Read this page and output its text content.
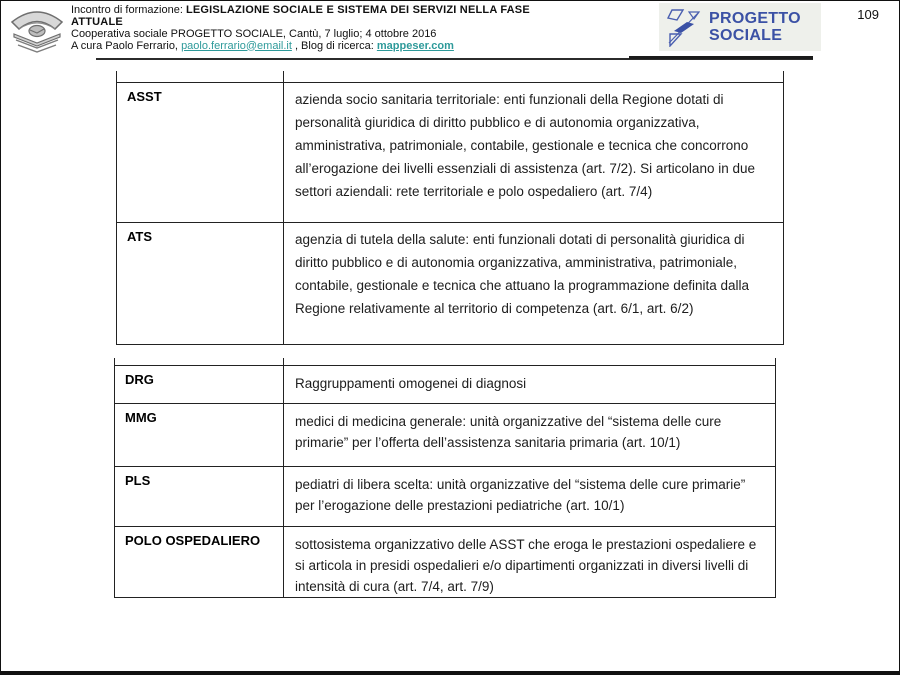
Incontro di formazione: LEGISLAZIONE SOCIALE E SISTEMA DEI SERVIZI NELLA FASE
ATTUALE
Cooperativa sociale PROGETTO SOCIALE, Cantù, 7 luglio; 4 ottobre 2016
A cura Paolo Ferrario, paolo.ferrario@email.it , Blog di ricerca: mappeser.com
PROGETTO
SOCIALE
109
ASST	azienda socio sanitaria territoriale: enti funzionali della Regione dotati di personalità giuridica di diritto pubblico e di autonomia organizzativa, amministrativa, patrimoniale, contabile, gestionale e tecnica che concorrono all’erogazione dei livelli essenziali di assistenza (art. 7/2). Si articolano in due settori aziendali: rete territoriale e polo ospedaliero (art. 7/4)
ATS	agenzia di tutela della salute: enti funzionali dotati di personalità giuridica di diritto pubblico e di autonomia organizzativa, amministrativa, patrimoniale, contabile, gestionale e tecnica che attuano la programmazione definita dalla Regione relativamente al territorio di competenza (art. 6/1, art. 6/2)
DRG	Raggruppamenti omogenei di diagnosi
MMG	medici di medicina generale: unità organizzative del “sistema delle cure primarie” per l’offerta dell’assistenza sanitaria primaria (art. 10/1)
PLS	pediatri di libera scelta: unità organizzative del “sistema delle cure primarie” per l’erogazione delle prestazioni pediatriche (art. 10/1)
POLO OSPEDALIERO	sottosistema organizzativo delle ASST che eroga le prestazioni ospedaliere e si articola in presidi ospedalieri e/o dipartimenti organizzati in diversi livelli di intensità di cura (art. 7/4, art. 7/9)
